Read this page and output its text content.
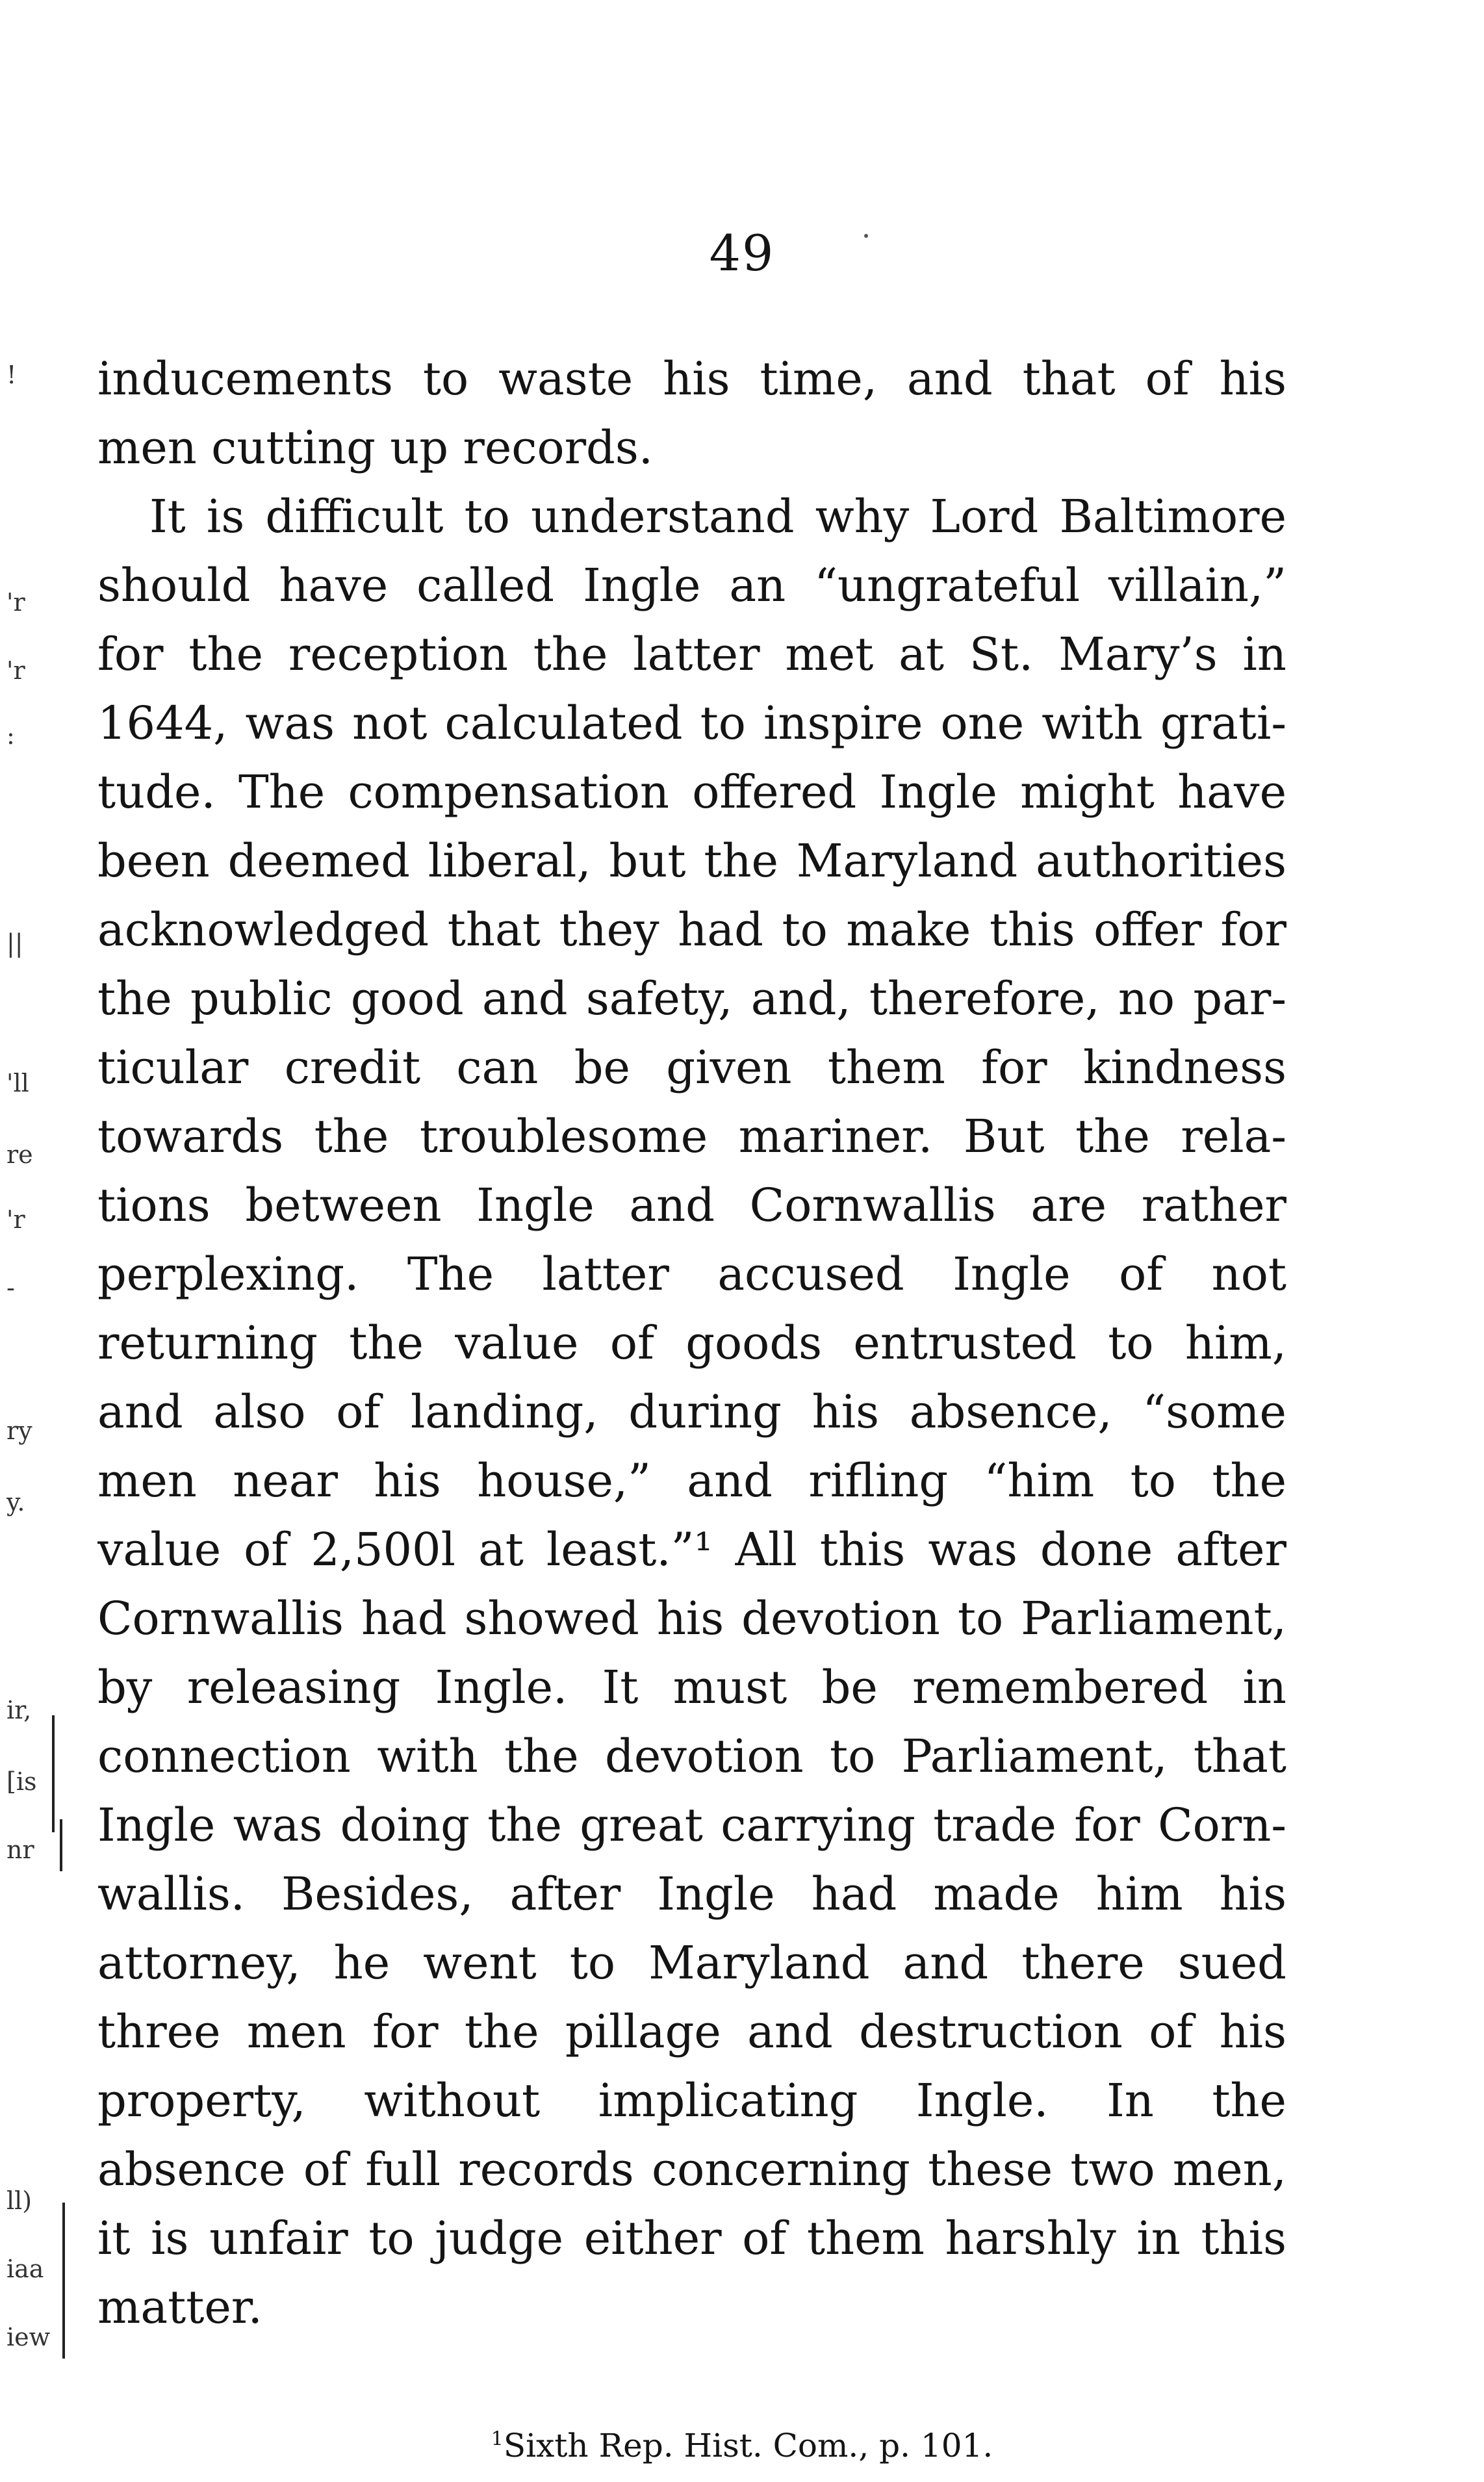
49
!
'r
'r
:
||
'll
re
'r
-
ry
y.
ir,
[is
nr
ll)
iaa
iew
inducements to waste his time, and that of his
men cutting up records.
It is difficult to understand why Lord Baltimore
should have called Ingle an “ungrateful villain,”
for the reception the latter met at St. Mary’s in
1644, was not calculated to inspire one with grati-
tude. The compensation offered Ingle might have
been deemed liberal, but the Maryland authorities
acknowledged that they had to make this offer for
the public good and safety, and, therefore, no par-
ticular credit can be given them for kindness
towards the troublesome mariner. But the rela-
tions between Ingle and Cornwallis are rather
perplexing. The latter accused Ingle of not
returning the value of goods entrusted to him,
and also of landing, during his absence, “some
men near his house,” and rifling “him to the
value of 2,500l at least.”¹ All this was done after
Cornwallis had showed his devotion to Parliament,
by releasing Ingle. It must be remembered in
connection with the devotion to Parliament, that
Ingle was doing the great carrying trade for Corn-
wallis. Besides, after Ingle had made him his
attorney, he went to Maryland and there sued
three men for the pillage and destruction of his
property, without implicating Ingle. In the
absence of full records concerning these two men,
it is unfair to judge either of them harshly in this
matter.
$^1$Sixth Rep. Hist. Com., p. 101.
